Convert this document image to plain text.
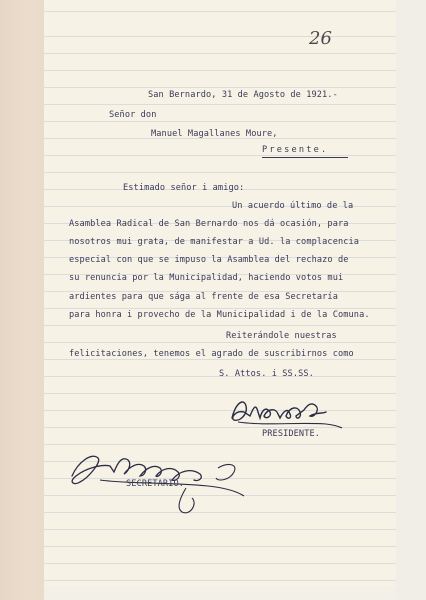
26
San Bernardo, 31 de Agosto de 1921.-
Señor don
Manuel Magallanes Moure,
Presente.
Estimado señor i amigo:
Un acuerdo último de la
Asamblea Radical de San Bernardo nos dá ocasión, para
nosotros mui grata, de manifestar a Ud. la complacencia
especial con que se impuso la Asamblea del rechazo de
su renuncia por la Municipalidad, haciendo votos mui
ardientes para que sága al frente de esa Secretaría
para honra i provecho de la Municipalidad i de la Comuna.
Reiterándole nuestras
felicitaciones, tenemos el agrado de suscribirnos como
S. Attos. i SS.SS.
PRESIDENTE.
SECRETARIO.
